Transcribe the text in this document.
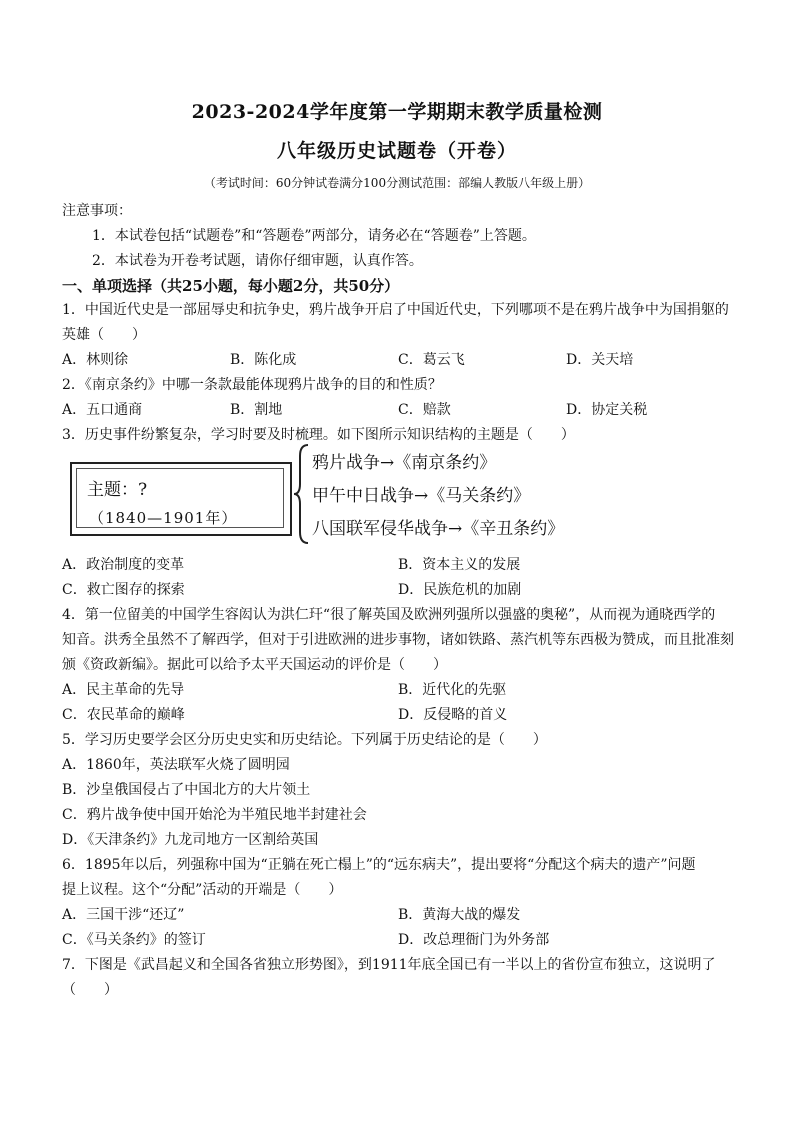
2023-2024学年度第一学期期末教学质量检测
八年级历史试题卷（开卷）
（考试时间：60分钟试卷满分100分测试范围：部编人教版八年级上册）
注意事项：
1．本试卷包括“试题卷”和“答题卷”两部分，请务必在“答题卷”上答题。
2．本试卷为开卷考试题，请你仔细审题，认真作答。
一、单项选择（共25小题，每小题2分，共50分）
1．中国近代史是一部屈辱史和抗争史，鸦片战争开启了中国近代史，下列哪项不是在鸦片战争中为国捐躯的
英雄（　　）
A．林则徐	B．陈化成	C．葛云飞	D．关天培
2．《南京条约》中哪一条款最能体现鸦片战争的目的和性质？
A．五口通商	B．割地	C．赔款	D．协定关税
3．历史事件纷繁复杂，学习时要及时梳理。如下图所示知识结构的主题是（　　）
主题：?
（1840—1901年）
鸦片战争→《南京条约》
甲午中日战争→《马关条约》
八国联军侵华战争→《辛丑条约》
A．政治制度的变革	B．资本主义的发展
C．救亡图存的探索	D．民族危机的加剧
4．第一位留美的中国学生容闳认为洪仁玕“很了解英国及欧洲列强所以强盛的奥秘”，从而视为通晓西学的
知音。洪秀全虽然不了解西学，但对于引进欧洲的进步事物，诸如铁路、蒸汽机等东西极为赞成，而且批准刻
颁《资政新编》。据此可以给予太平天国运动的评价是（　　）
A．民主革命的先导	B．近代化的先驱
C．农民革命的巅峰	D．反侵略的首义
5．学习历史要学会区分历史史实和历史结论。下列属于历史结论的是（　　）
A．1860年，英法联军火烧了圆明园
B．沙皇俄国侵占了中国北方的大片领土
C．鸦片战争使中国开始沦为半殖民地半封建社会
D．《天津条约》九龙司地方一区割给英国
6．1895年以后，列强称中国为“正躺在死亡榻上”的“远东病夫”，提出要将“分配这个病夫的遗产”问题
提上议程。这个“分配”活动的开端是（　　）
A．三国干涉“还辽”	B．黄海大战的爆发
C．《马关条约》的签订	D．改总理衙门为外务部
7．下图是《武昌起义和全国各省独立形势图》，到1911年底全国已有一半以上的省份宣布独立，这说明了
（　　）
